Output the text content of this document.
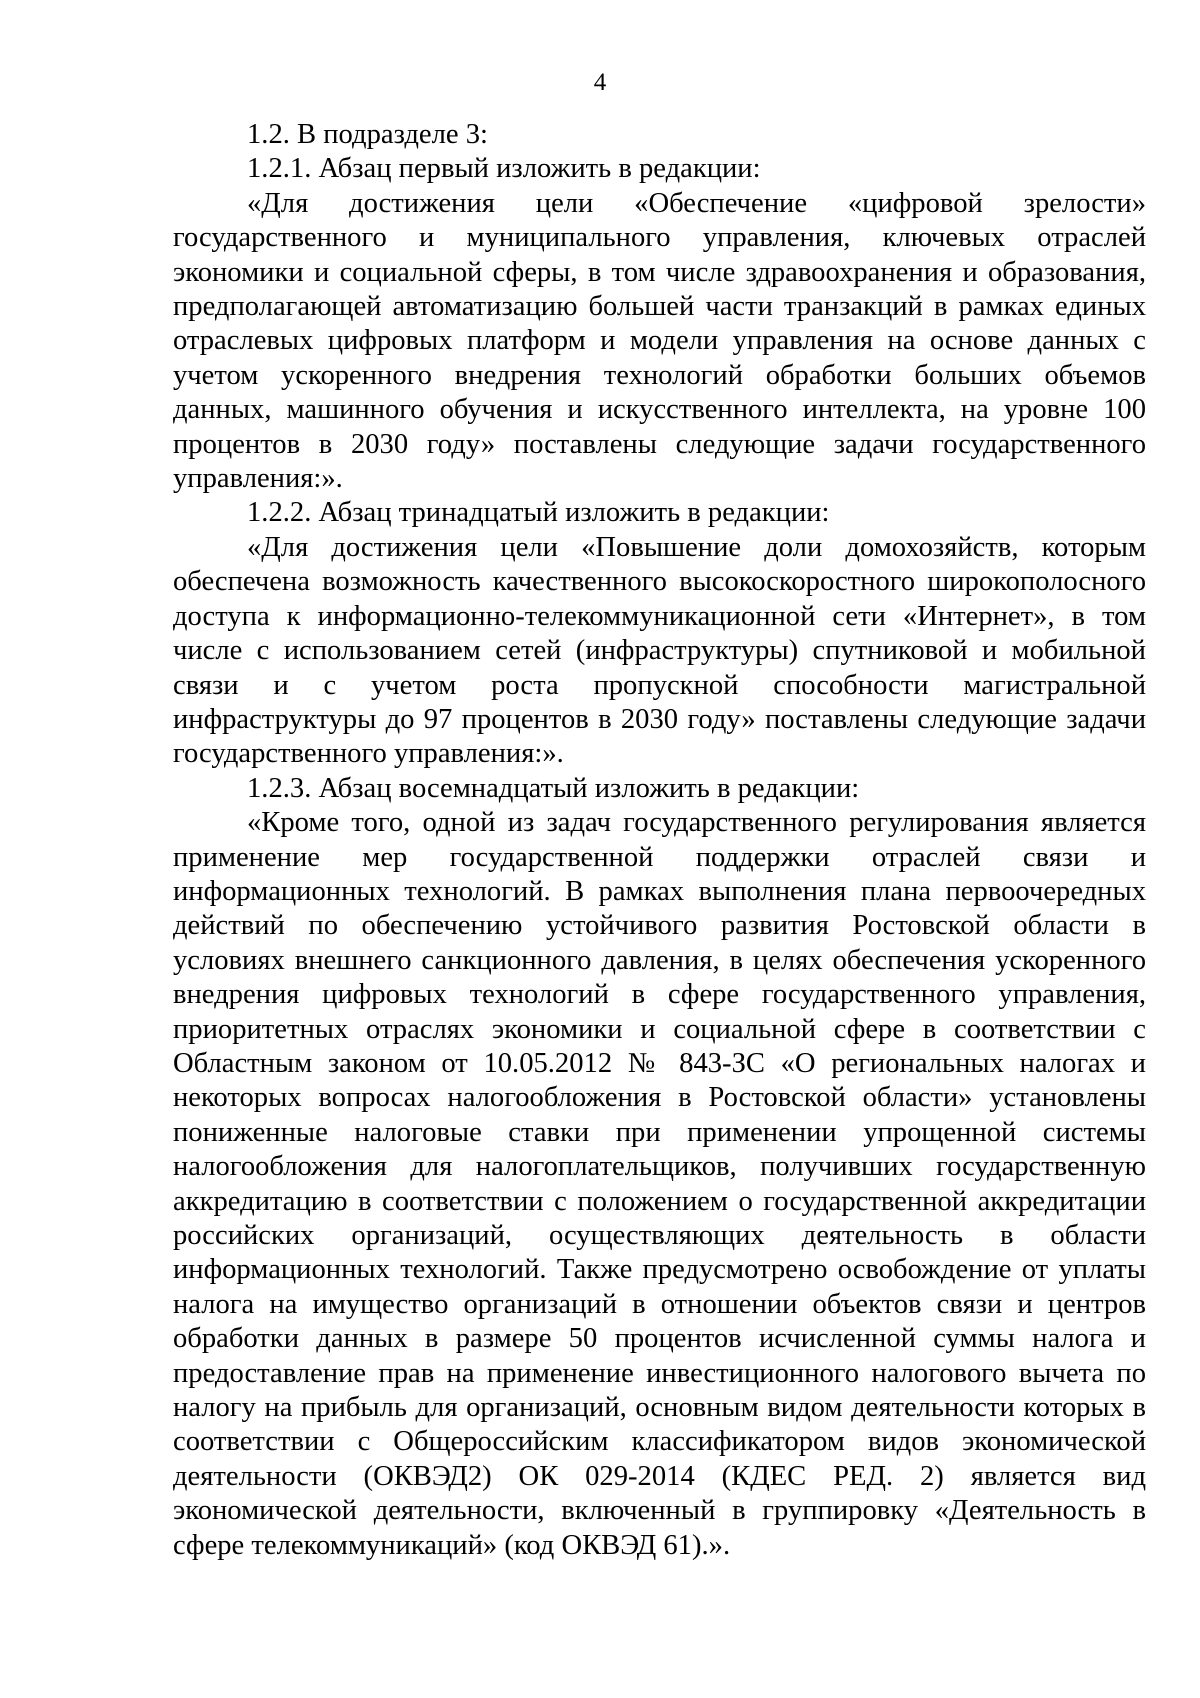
4

1.2. В подразделе 3:

1.2.1. Абзац первый изложить в редакции:

«Для достижения цели «Обеспечение «цифровой зрелости» государственного и муниципального управления, ключевых отраслей экономики и социальной сферы, в том числе здравоохранения и образования, предполагающей автоматизацию большей части транзакций в рамках единых отраслевых цифровых платформ и модели управления на основе данных с учетом ускоренного внедрения технологий обработки больших объемов данных, машинного обучения и искусственного интеллекта, на уровне 100 процентов в 2030 году» поставлены следующие задачи государственного управления:».

1.2.2. Абзац тринадцатый изложить в редакции:

«Для достижения цели «Повышение доли домохозяйств, которым обеспечена возможность качественного высокоскоростного широкополосного доступа к информационно-телекоммуникационной сети «Интернет», в том числе с использованием сетей (инфраструктуры) спутниковой и мобильной связи и с учетом роста пропускной способности магистральной инфраструктуры до 97 процентов в 2030 году» поставлены следующие задачи государственного управления:».

1.2.3. Абзац восемнадцатый изложить в редакции:

«Кроме того, одной из задач государственного регулирования является применение мер государственной поддержки отраслей связи и информационных технологий. В рамках выполнения плана первоочередных действий по обеспечению устойчивого развития Ростовской области в условиях внешнего санкционного давления, в целях обеспечения ускоренного внедрения цифровых технологий в сфере государственного управления, приоритетных отраслях экономики и социальной сфере в соответствии с Областным законом от 10.05.2012 № 843-ЗС «О региональных налогах и некоторых вопросах налогообложения в Ростовской области» установлены пониженные налоговые ставки при применении упрощенной системы налогообложения для налогоплательщиков, получивших государственную аккредитацию в соответствии с положением о государственной аккредитации российских организаций, осуществляющих деятельность в области информационных технологий. Также предусмотрено освобождение от уплаты налога на имущество организаций в отношении объектов связи и центров обработки данных в размере 50 процентов исчисленной суммы налога и предоставление прав на применение инвестиционного налогового вычета по налогу на прибыль для организаций, основным видом деятельности которых в соответствии с Общероссийским классификатором видов экономической деятельности (ОКВЭД2) ОК 029-2014 (КДЕС РЕД. 2) является вид экономической деятельности, включенный в группировку «Деятельность в сфере телекоммуникаций» (код ОКВЭД 61).».
